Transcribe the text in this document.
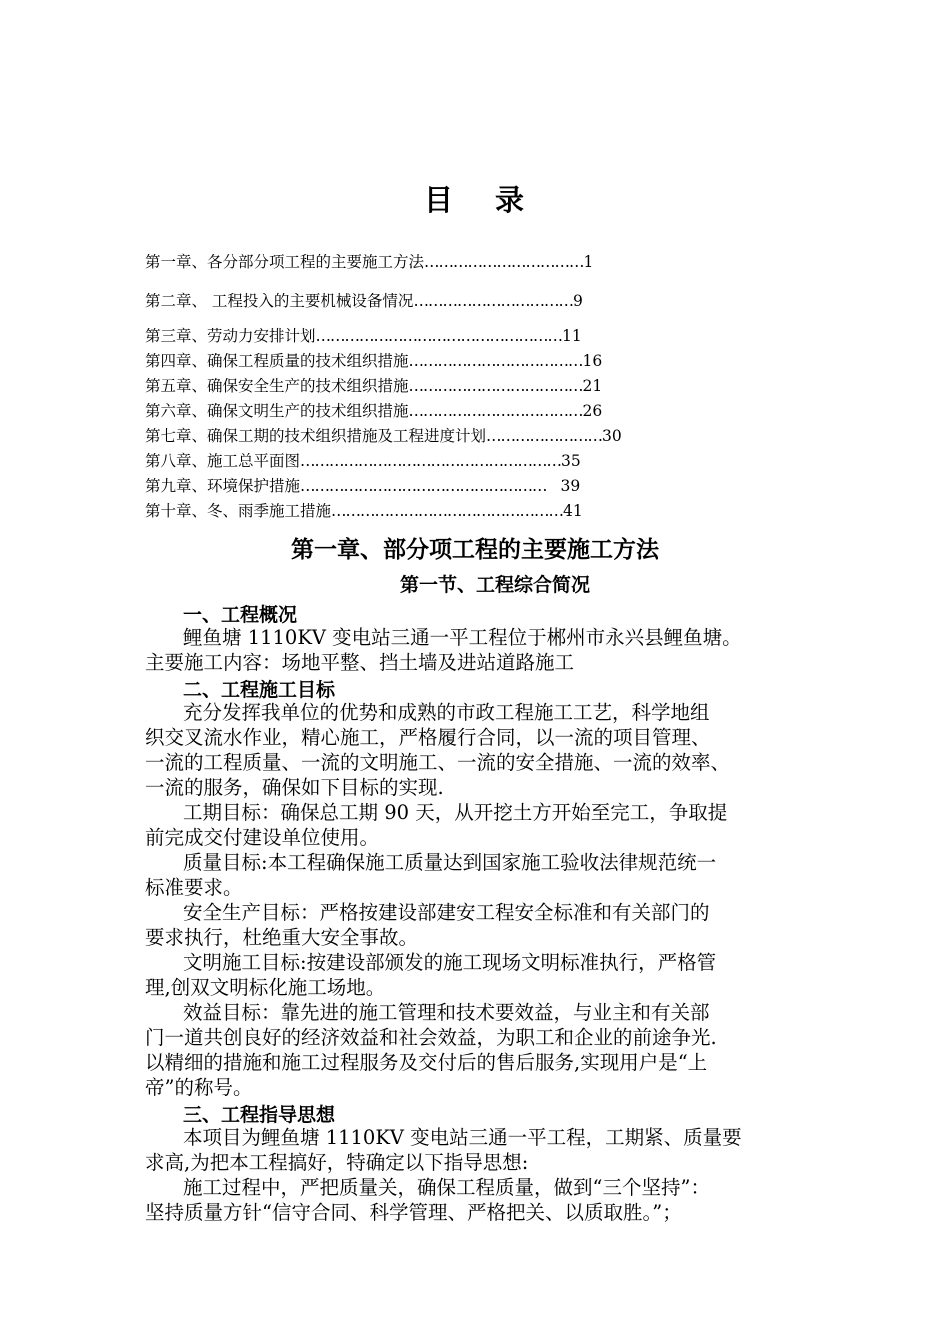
目 录
第一章、各分部分项工程的主要施工方法……………………………1
第二章、 工程投入的主要机械设备情况……………………………9
第三章、劳动力安排计划……………………………………………11
第四章、确保工程质量的技术组织措施………………………………16
第五章、确保安全生产的技术组织措施………………………………21
第六章、确保文明生产的技术组织措施………………………………26
第七章、确保工期的技术组织措施及工程进度计划……………………30
第八章、施工总平面图………………………………………………35
第九章、环境保护措施…………………………………………… 39
第十章、冬、雨季施工措施…………………………………………41
第一章、部分项工程的主要施工方法
第一节、工程综合简况
一、工程概况
鲤鱼塘 1110KV 变电站三通一平工程位于郴州市永兴县鲤鱼塘。
主要施工内容：场地平整、挡土墙及进站道路施工
二、工程施工目标
充分发挥我单位的优势和成熟的市政工程施工工艺，科学地组
织交叉流水作业，精心施工，严格履行合同，以一流的项目管理、
一流的工程质量、一流的文明施工、一流的安全措施、一流的效率、
一流的服务，确保如下目标的实现.
工期目标：确保总工期 90 天，从开挖土方开始至完工，争取提
前完成交付建设单位使用。
质量目标:本工程确保施工质量达到国家施工验收法律规范统一
标准要求。
安全生产目标：严格按建设部建安工程安全标准和有关部门的
要求执行，杜绝重大安全事故。
文明施工目标:按建设部颁发的施工现场文明标准执行，严格管
理,创双文明标化施工场地。
效益目标：靠先进的施工管理和技术要效益，与业主和有关部
门一道共创良好的经济效益和社会效益，为职工和企业的前途争光.
以精细的措施和施工过程服务及交付后的售后服务,实现用户是“上
帝”的称号。
三、工程指导思想
本项目为鲤鱼塘 1110KV 变电站三通一平工程，工期紧、质量要
求高,为把本工程搞好，特确定以下指导思想:
施工过程中，严把质量关，确保工程质量，做到“三个坚持”：
坚持质量方针“信守合同、科学管理、严格把关、以质取胜。”；
